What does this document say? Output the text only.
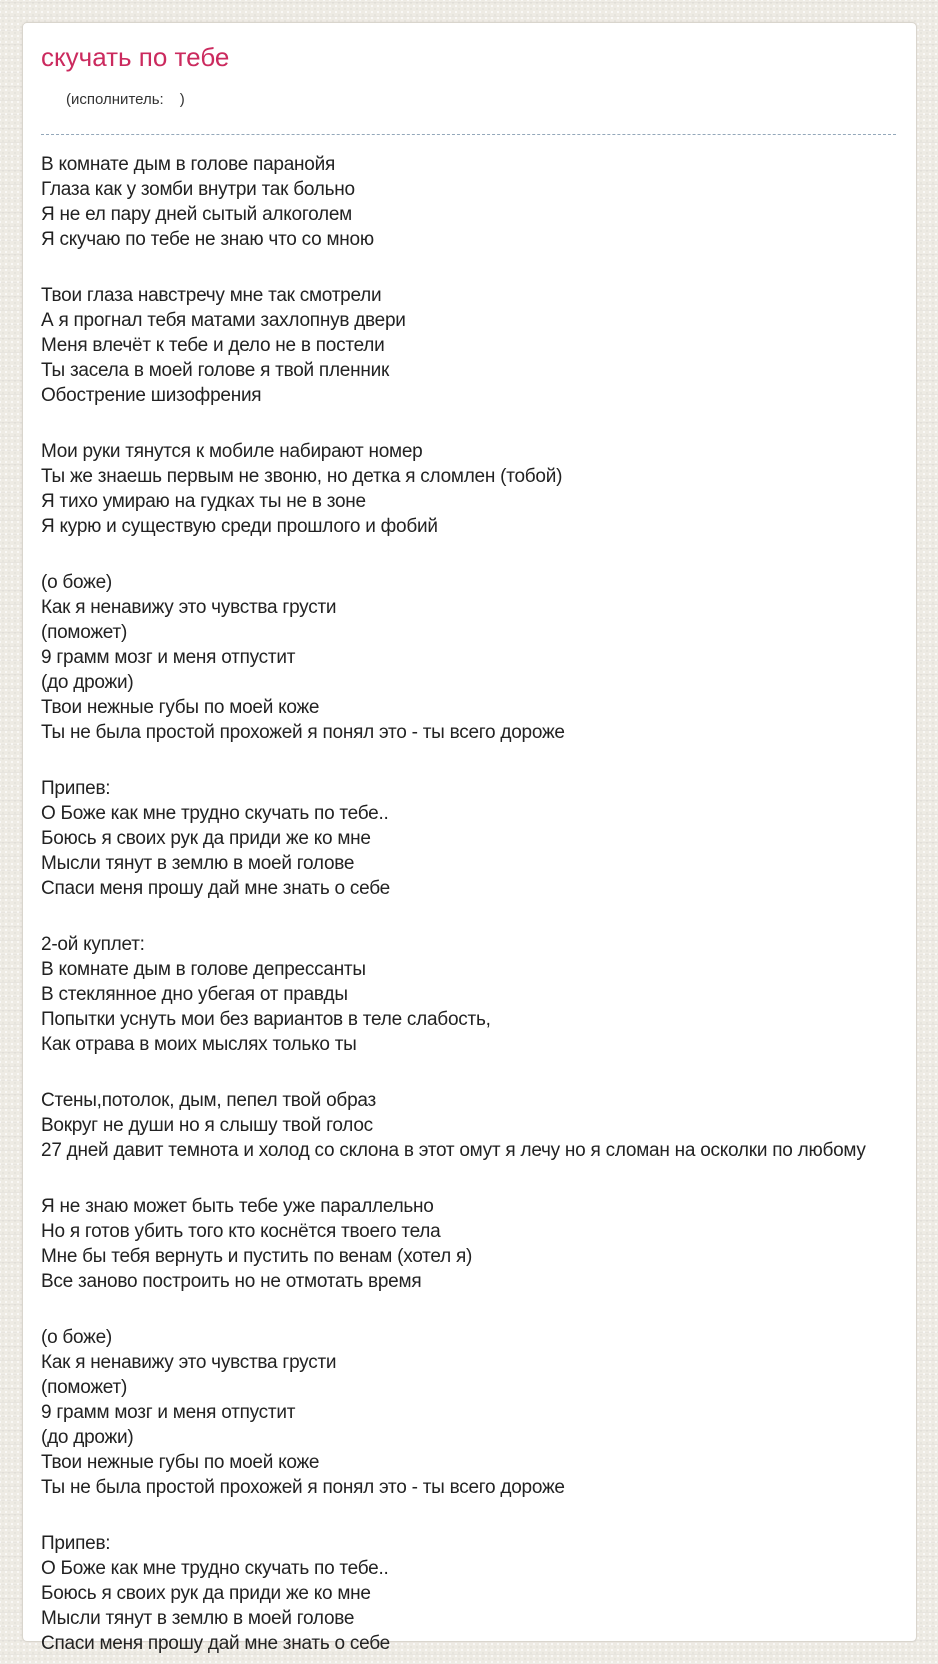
скучать по тебе

(исполнитель: )

В комнате дым в голове паранойя
Глаза как у зомби внутри так больно
Я не ел пару дней сытый алкоголем
Я скучаю по тебе не знаю что со мною
Твои глаза навстречу мне так смотрели
А я прогнал тебя матами захлопнув двери
Меня влечёт к тебе и дело не в постели
Ты засела в моей голове я твой пленник
Обострение шизофрения
Мои руки тянутся к мобиле набирают номер
Ты же знаешь первым не звоню, но детка я сломлен (тобой)
Я тихо умираю на гудках ты не в зоне
Я курю и существую среди прошлого и фобий
(о боже)
Как я ненавижу это чувства грусти
(поможет)
9 грамм мозг и меня отпустит
(до дрожи)
Твои нежные губы по моей коже
Ты не была простой прохожей я понял это - ты всего дороже
Припев:
О Боже как мне трудно скучать по тебе..
Боюсь я своих рук да приди же ко мне
Мысли тянут в землю в моей голове
Спаси меня прошу дай мне знать о себе
2-ой куплет:
В комнате дым в голове депрессанты
В стеклянное дно убегая от правды
Попытки уснуть мои без вариантов в теле слабость,
Как отрава в моих мыслях только ты
Стены,потолок, дым, пепел твой образ
Вокруг не души но я слышу твой голос
27 дней давит темнота и холод со склона в этот омут я лечу но я сломан на осколки по любому
Я не знаю может быть тебе уже параллельно
Но я готов убить того кто коснётся твоего тела
Мне бы тебя вернуть и пустить по венам (хотел я)
Все заново построить но не отмотать время
(о боже)
Как я ненавижу это чувства грусти
(поможет)
9 грамм мозг и меня отпустит
(до дрожи)
Твои нежные губы по моей коже
Ты не была простой прохожей я понял это - ты всего дороже
Припев:
О Боже как мне трудно скучать по тебе..
Боюсь я своих рук да приди же ко мне
Мысли тянут в землю в моей голове
Спаси меня прошу дай мне знать о себе
